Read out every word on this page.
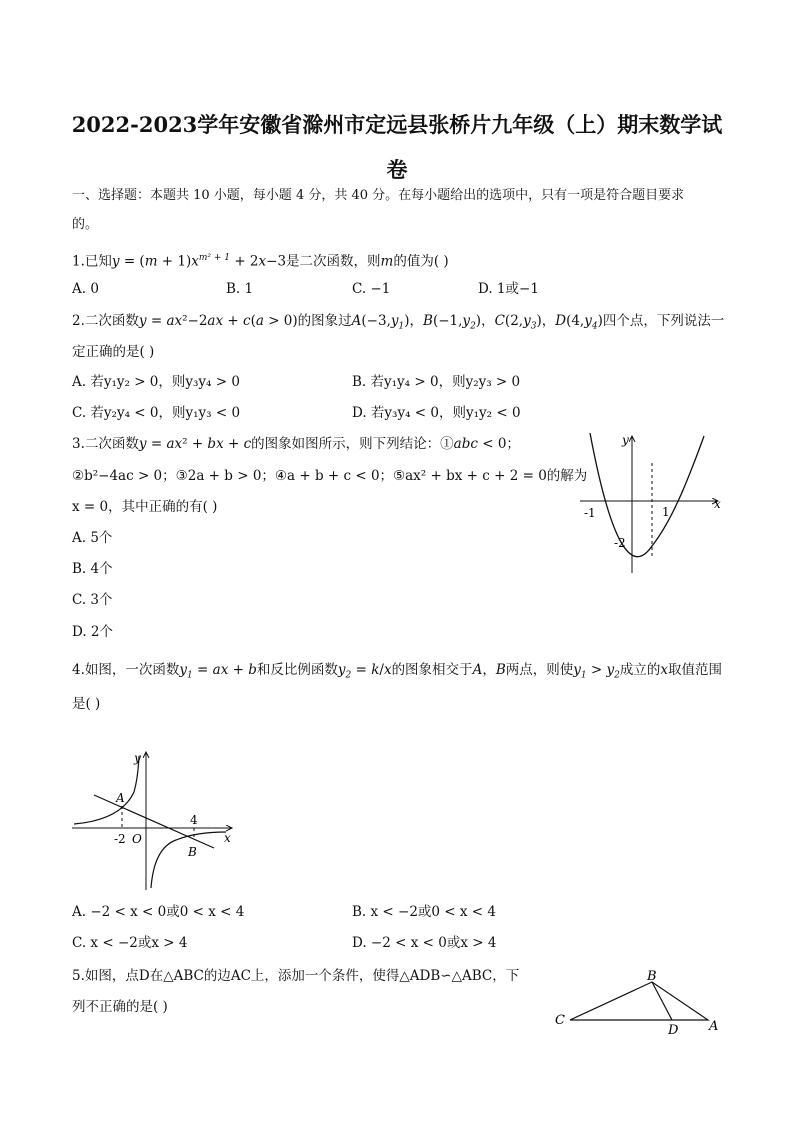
2022-2023学年安徽省滁州市定远县张桥片九年级（上）期末数学试
卷
一、选择题：本题共 10 小题，每小题 4 分，共 40 分。在每小题给出的选项中，只有一项是符合题目要求
的。
1.已知$y = (m + 1)x^{m^2 + 1} + 2x-3$是二次函数，则m的值为( )
A. 0	B. 1	C. −1	D. 1或−1
2.二次函数y = ax²−2ax + c(a > 0)的图象过$A(-3,y_1)$，$B(-1,y_2)$，$C(2,y_3)$，$D(4,y_4)$四个点，下列说法一
定正确的是( )
A. 若y₁y₂ > 0，则y₃y₄ > 0	B. 若y₁y₄ > 0，则y₂y₃ > 0
C. 若y₂y₄ < 0，则y₁y₃ < 0	D. 若y₃y₄ < 0，则y₁y₂ < 0
3.二次函数y = ax² + bx + c的图象如图所示，则下列结论：①abc < 0；
②b²−4ac > 0；③2a + b > 0；④a + b + c < 0；⑤ax² + bx + c + 2 = 0的解为
x = 0，其中正确的有( )
A. 5个
B. 4个
C. 3个
D. 2个
y
x
-1	1
-2
4.如图，一次函数$y_1$ = ax + b和反比例函数$y_2 = k/x$的图象相交于A，B两点，则使$y_1 > y_2$成立的x取值范围
是( )
y
x
A
B
O
-2
4
A. −2 < x < 0或0 < x < 4	B. x < −2或0 < x < 4
C. x < −2或x > 4	D. −2 < x < 0或x > 4
5.如图，点D在△ABC的边AC上，添加一个条件，使得△ADB∽△ABC，下
列不正确的是( )
B
C
D A
